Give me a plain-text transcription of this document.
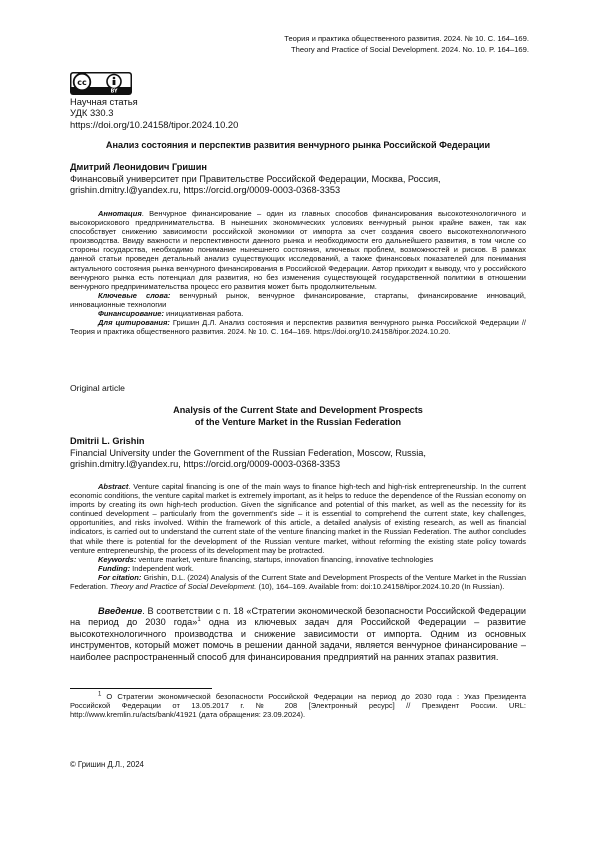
Теория и практика общественного развития. 2024. № 10. С. 164–169.
Theory and Practice of Social Development. 2024. No. 10. P. 164–169.
cc
BY
Научная статья
УДК 330.3
https://doi.org/10.24158/tipor.2024.10.20
Анализ состояния и перспектив развития венчурного рынка Российской Федерации
Дмитрий Леонидович Гришин
Финансовый университет при Правительстве Российской Федерации, Москва, Россия,
grishin.dmitry.l@yandex.ru, https://orcid.org/0009-0003-0368-3353
Аннотация. Венчурное финансирование – один из главных способов финансирования высокотехнологичного и высокорискового предпринимательства. В нынешних экономических условиях венчурный рынок крайне важен, так как способствует снижению зависимости российской экономики от импорта за счет создания своего высокотехнологичного производства. Ввиду важности и перспективности данного рынка и необходимости его дальнейшего развития, в том числе со стороны государства, необходимо понимание нынешнего состояния, ключевых проблем, возможностей и рисков. В рамках данной статьи проведен детальный анализ существующих исследований, а также финансовых показателей для понимания актуального состояния рынка венчурного финансирования в Российской Федерации. Автор приходит к выводу, что у российского венчурного рынка есть потенциал для развития, но без изменения существующей государственной политики в отношении венчурного предпринимательства процесс его развития может быть продолжительным.
Ключевые слова: венчурный рынок, венчурное финансирование, стартапы, финансирование инноваций, инновационные технологии
Финансирование: инициативная работа.
Для цитирования: Гришин Д.Л. Анализ состояния и перспектив развития венчурного рынка Российской Федерации // Теория и практика общественного развития. 2024. № 10. С. 164–169. https://doi.org/10.24158/tipor.2024.10.20.
Original article
Analysis of the Current State and Development Prospects
of the Venture Market in the Russian Federation
Dmitrii L. Grishin
Financial University under the Government of the Russian Federation, Moscow, Russia,
grishin.dmitry.l@yandex.ru, https://orcid.org/0009-0003-0368-3353
Abstract. Venture capital financing is one of the main ways to finance high-tech and high-risk entrepreneurship. In the current economic conditions, the venture capital market is extremely important, as it helps to reduce the dependence of the Russian economy on imports by creating its own high-tech production. Given the significance and potential of this market, as well as the necessity for its continued development – particularly from the government's side – it is essential to comprehend the current state, key challenges, opportunities, and risks involved. Within the framework of this article, a detailed analysis of existing research, as well as financial indicators, is carried out to understand the current state of the venture financing market in the Russian Federation. The author concludes that while there is potential for the development of the Russian venture market, without reforming the existing state policy towards venture entrepreneurship, the process of its development may be protracted.
Keywords: venture market, venture financing, startups, innovation financing, innovative technologies
Funding: Independent work.
For citation: Grishin, D.L. (2024) Analysis of the Current State and Development Prospects of the Venture Market in the Russian Federation. Theory and Practice of Social Development. (10), 164–169. Available from: doi:10.24158/tipor.2024.10.20 (In Russian).
Введение. В соответствии с п. 18 «Стратегии экономической безопасности Российской Федерации на период до 2030 года»$^1$ одна из ключевых задач для Российской Федерации – развитие высокотехнологичного производства и снижение зависимости от импорта. Одним из основных инструментов, который может помочь в решении данной задачи, является венчурное финансирование – наиболее распространенный способ для финансирования предприятий на ранних этапах развития.
$^1$ О Стратегии экономической безопасности Российской Федерации на период до 2030 года : Указ Президента Российской Федерации от 13.05.2017 г. № 208 [Электронный ресурс] // Президент России. URL: http://www.kremlin.ru/acts/bank/41921 (дата обращения: 23.09.2024).
© Гришин Д.Л., 2024
